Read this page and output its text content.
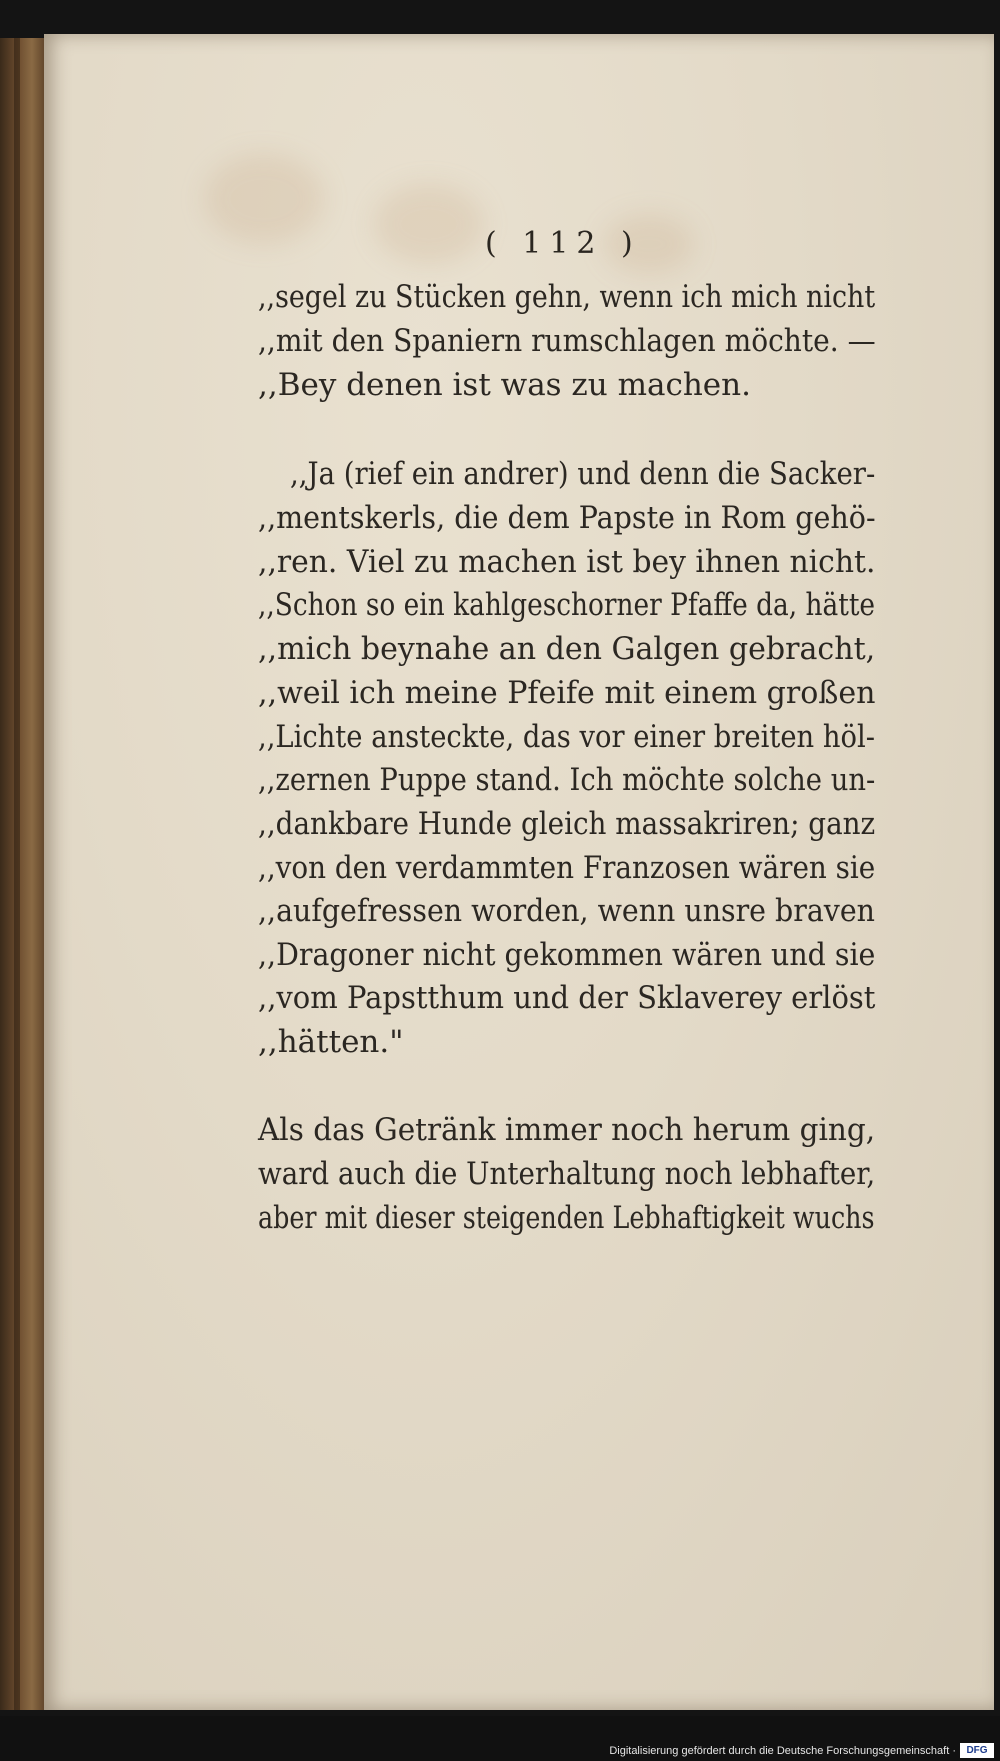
( 112 )
,,segel zu Stücken gehn, wenn ich mich nicht
,,mit den Spaniern rumschlagen möchte. —
,,Bey denen ist was zu machen.
,,Ja (rief ein andrer) und denn die Sacker-
,,mentskerls, die dem Papste in Rom gehö-
,,ren. Viel zu machen ist bey ihnen nicht.
,,Schon so ein kahlgeschorner Pfaffe da, hätte
,,mich beynahe an den Galgen gebracht,
,,weil ich meine Pfeife mit einem großen
,,Lichte ansteckte, das vor einer breiten höl-
,,zernen Puppe stand. Ich möchte solche un-
,,dankbare Hunde gleich massakriren; ganz
,,von den verdammten Franzosen wären sie
,,aufgefressen worden, wenn unsre braven
,,Dragoner nicht gekommen wären und sie
,,vom Papstthum und der Sklaverey erlöst
,,hätten."
Als das Getränk immer noch herum ging,
ward auch die Unterhaltung noch lebhafter,
aber mit dieser steigenden Lebhaftigkeit wuchs
Digitalisierung gefördert durch die Deutsche Forschungsgemeinschaft ·	DFG
